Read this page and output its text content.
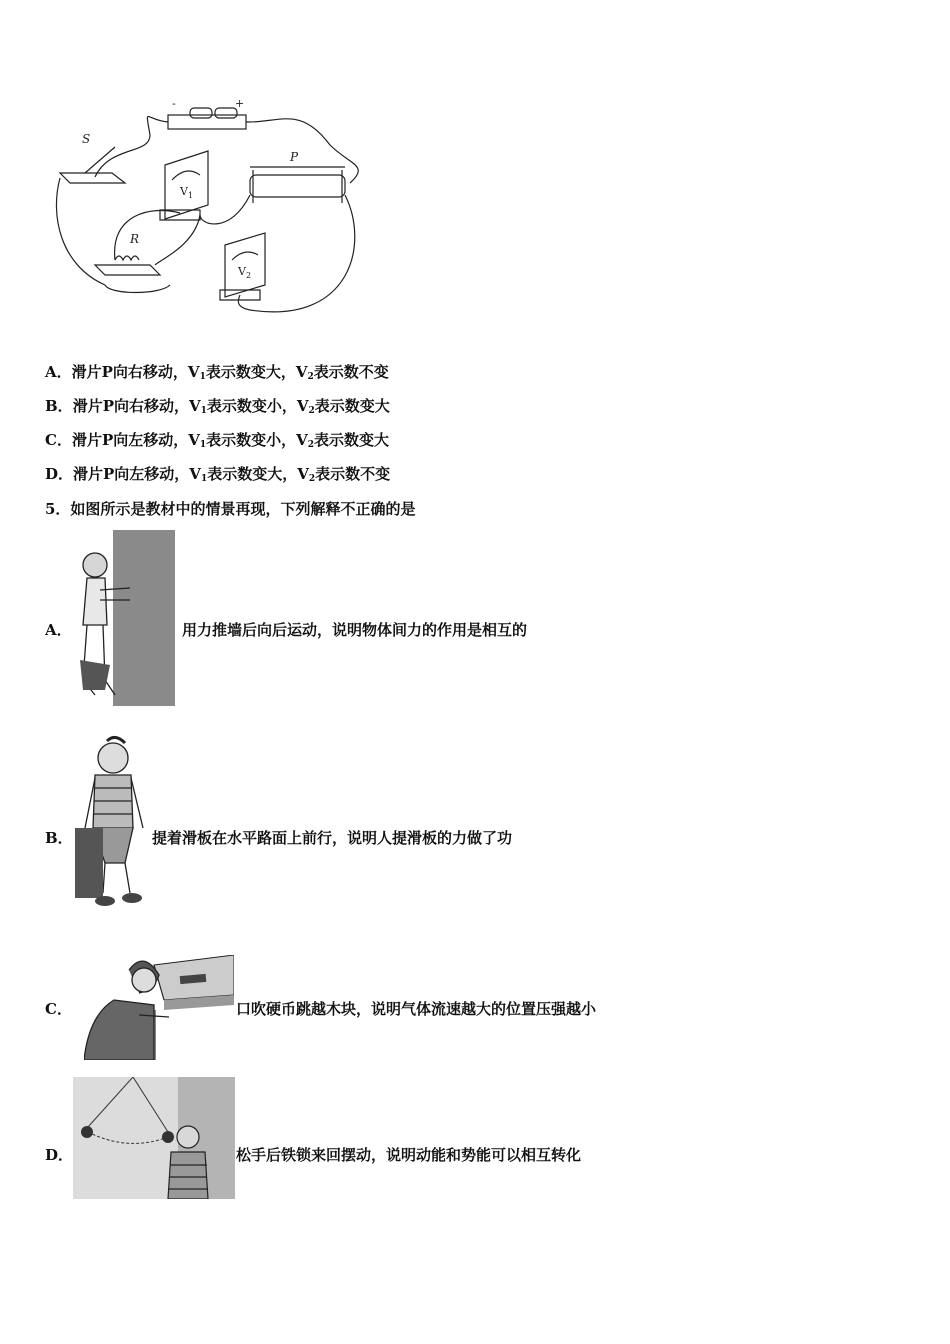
S
P
R
-	+
$V_1$
$V_2$
A．滑片P向右移动，$V_1$表示数变大，$V_2$表示数不变
B．滑片P向右移动，$V_1$表示数变小，$V_2$表示数变大
C．滑片P向左移动，$V_1$表示数变小，$V_2$表示数变大
D．滑片P向左移动，$V_1$表示数变大，$V_2$表示数不变
5．如图所示是教材中的情景再现，下列解释不正确的是
A．	用力推墙后向后运动，说明物体间力的作用是相互的
B．	提着滑板在水平路面上前行，说明人提滑板的力做了功
C．	口吹硬币跳越木块，说明气体流速越大的位置压强越小
D．	松手后铁锁来回摆动，说明动能和势能可以相互转化
